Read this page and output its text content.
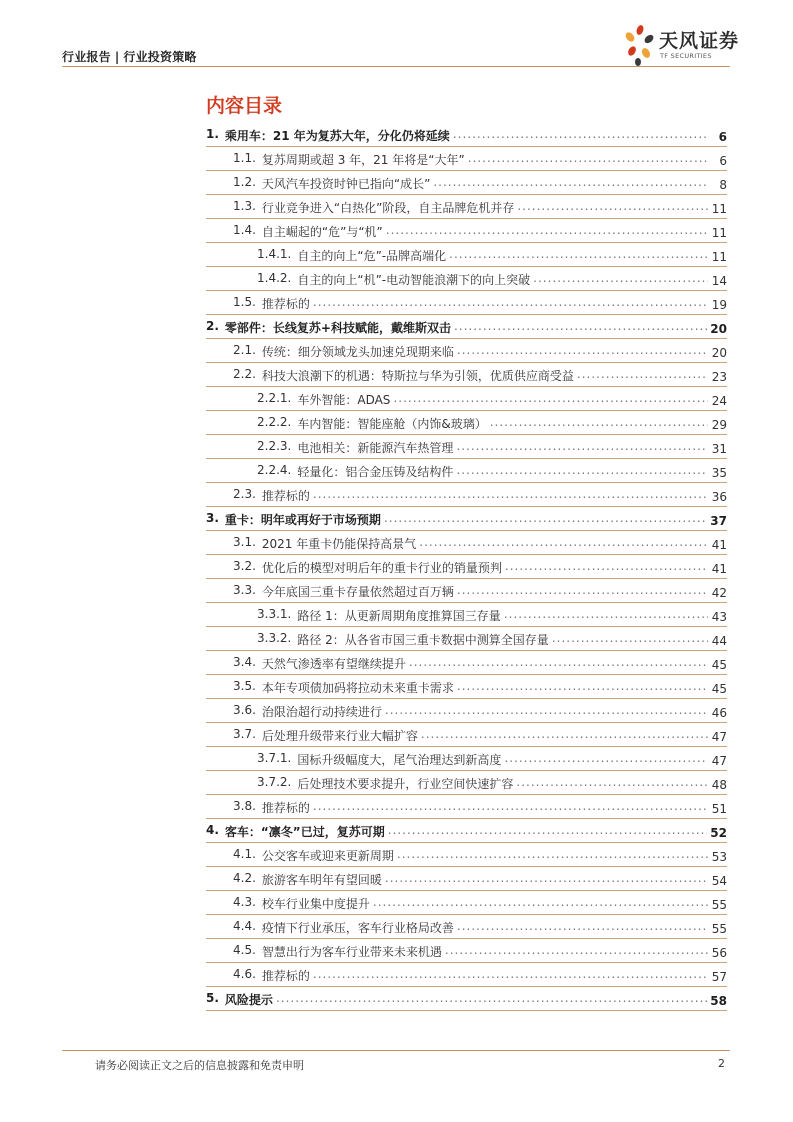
行业报告 | 行业投资策略
天风证券
TF SECURITIES
内容目录
1. 乘用车：21 年为复苏大年，分化仍将延续 .....	6
1.1. 复苏周期或超 3 年，21 年将是“大年” .....	6
1.2. 天风汽车投资时钟已指向“成长” .....	8
1.3. 行业竞争进入“白热化”阶段，自主品牌危机并存 .....	11
1.4. 自主崛起的“危”与“机” .....	11
1.4.1. 自主的向上“危”-品牌高端化 .....	11
1.4.2. 自主的向上“机”-电动智能浪潮下的向上突破 .....	14
1.5. 推荐标的 .....	19
2. 零部件：长线复苏+科技赋能，戴维斯双击 .....	20
2.1. 传统：细分领域龙头加速兑现期来临 .....	20
2.2. 科技大浪潮下的机遇：特斯拉与华为引领，优质供应商受益 .....	23
2.2.1. 车外智能：ADAS .....	24
2.2.2. 车内智能：智能座舱（内饰&玻璃） .....	29
2.2.3. 电池相关：新能源汽车热管理 .....	31
2.2.4. 轻量化：铝合金压铸及结构件 .....	35
2.3. 推荐标的 .....	36
3. 重卡：明年或再好于市场预期 .....	37
3.1. 2021 年重卡仍能保持高景气 .....	41
3.2. 优化后的模型对明后年的重卡行业的销量预判 .....	41
3.3. 今年底国三重卡存量依然超过百万辆 .....	42
3.3.1. 路径 1：从更新周期角度推算国三存量 .....	43
3.3.2. 路径 2：从各省市国三重卡数据中测算全国存量 .....	44
3.4. 天然气渗透率有望继续提升 .....	45
3.5. 本年专项债加码将拉动未来重卡需求 .....	45
3.6. 治限治超行动持续进行 .....	46
3.7. 后处理升级带来行业大幅扩容 .....	47
3.7.1. 国标升级幅度大，尾气治理达到新高度 .....	47
3.7.2. 后处理技术要求提升，行业空间快速扩容 .....	48
3.8. 推荐标的 .....	51
4. 客车：“凛冬”已过，复苏可期 .....	52
4.1. 公交客车或迎来更新周期 .....	53
4.2. 旅游客车明年有望回暖 .....	54
4.3. 校车行业集中度提升 .....	55
4.4. 疫情下行业承压，客车行业格局改善 .....	55
4.5. 智慧出行为客车行业带来未来机遇 .....	56
4.6. 推荐标的 .....	57
5. 风险提示 .....	58
请务必阅读正文之后的信息披露和免责申明	2
